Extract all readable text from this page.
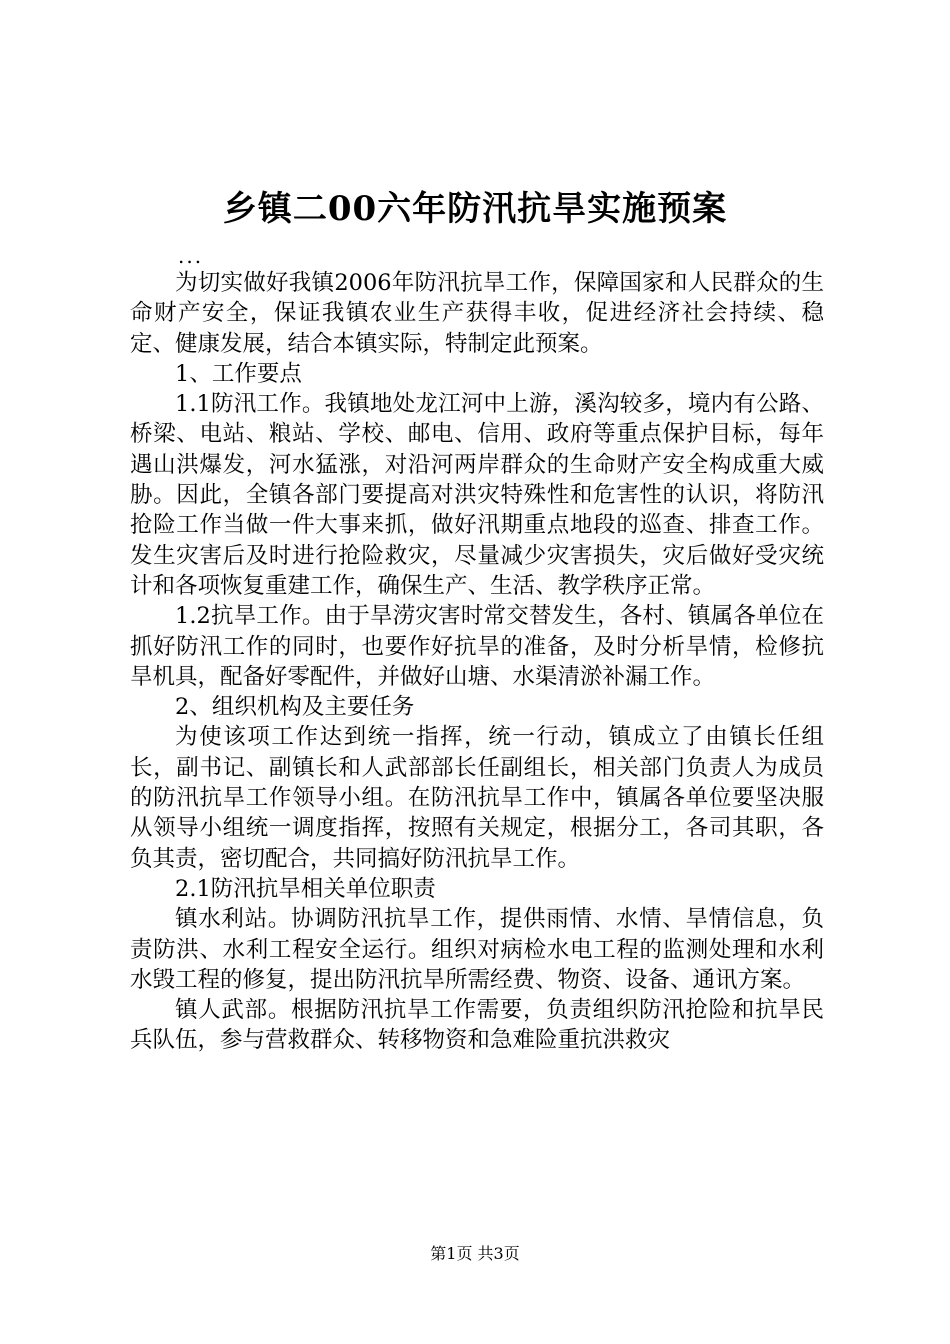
乡镇二00六年防汛抗旱实施预案
...

为切实做好我镇2006年防汛抗旱工作，保障国家和人民群众的生命财产安全，保证我镇农业生产获得丰收，促进经济社会持续、稳定、健康发展，结合本镇实际，特制定此预案。

1、工作要点

1.1防汛工作。我镇地处龙江河中上游，溪沟较多，境内有公路、桥梁、电站、粮站、学校、邮电、信用、政府等重点保护目标，每年遇山洪爆发，河水猛涨，对沿河两岸群众的生命财产安全构成重大威胁。因此，全镇各部门要提高对洪灾特殊性和危害性的认识，将防汛抢险工作当做一件大事来抓，做好汛期重点地段的巡查、排查工作。发生灾害后及时进行抢险救灾，尽量减少灾害损失，灾后做好受灾统计和各项恢复重建工作，确保生产、生活、教学秩序正常。

1.2抗旱工作。由于旱涝灾害时常交替发生，各村、镇属各单位在抓好防汛工作的同时，也要作好抗旱的准备，及时分析旱情，检修抗旱机具，配备好零配件，并做好山塘、水渠清淤补漏工作。

2、组织机构及主要任务

为使该项工作达到统一指挥，统一行动，镇成立了由镇长任组长，副书记、副镇长和人武部部长任副组长，相关部门负责人为成员的防汛抗旱工作领导小组。在防汛抗旱工作中，镇属各单位要坚决服从领导小组统一调度指挥，按照有关规定，根据分工，各司其职，各负其责，密切配合，共同搞好防汛抗旱工作。

2.1防汛抗旱相关单位职责

镇水利站。协调防汛抗旱工作，提供雨情、水情、旱情信息，负责防洪、水利工程安全运行。组织对病检水电工程的监测处理和水利水毁工程的修复，提出防汛抗旱所需经费、物资、设备、通讯方案。

镇人武部。根据防汛抗旱工作需要，负责组织防汛抢险和抗旱民兵队伍，参与营救群众、转移物资和急难险重抗洪救灾

第1页 共3页
